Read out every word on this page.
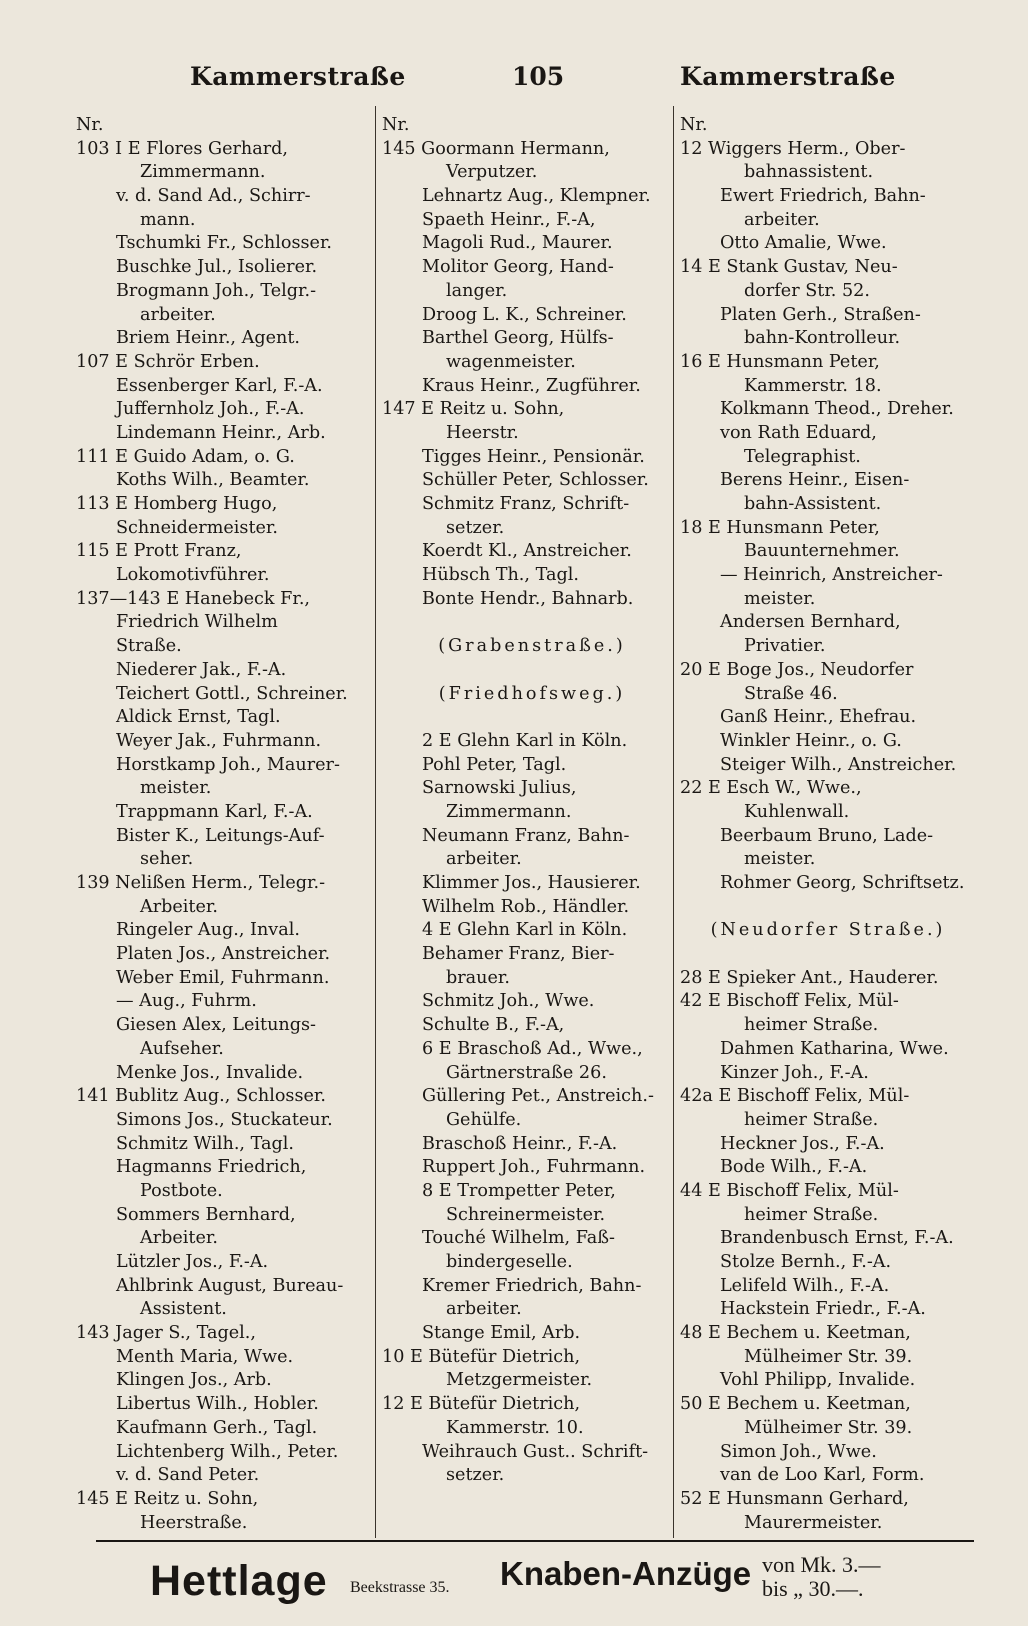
Kammerstraße	105	Kammerstraße
Nr.
103 I E Flores Gerhard,
Zimmermann.
v. d. Sand Ad., Schirr-
mann.
Tschumki Fr., Schlosser.
Buschke Jul., Isolierer.
Brogmann Joh., Telgr.-
arbeiter.
Briem Heinr., Agent.
107 E Schrör Erben.
Essenberger Karl, F.-A.
Juffernholz Joh., F.-A.
Lindemann Heinr., Arb.
111 E Guido Adam, o. G.
Koths Wilh., Beamter.
113 E Homberg Hugo,
Schneidermeister.
115 E Prott Franz,
Lokomotivführer.
137—143 E Hanebeck Fr.,
Friedrich Wilhelm
Straße.
Niederer Jak., F.-A.
Teichert Gottl., Schreiner.
Aldick Ernst, Tagl.
Weyer Jak., Fuhrmann.
Horstkamp Joh., Maurer-
meister.
Trappmann Karl, F.-A.
Bister K., Leitungs-Auf-
seher.
139 Nelißen Herm., Telegr.-
Arbeiter.
Ringeler Aug., Inval.
Platen Jos., Anstreicher.
Weber Emil, Fuhrmann.
— Aug., Fuhrm.
Giesen Alex, Leitungs-
Aufseher.
Menke Jos., Invalide.
141 Bublitz Aug., Schlosser.
Simons Jos., Stuckateur.
Schmitz Wilh., Tagl.
Hagmanns Friedrich,
Postbote.
Sommers Bernhard,
Arbeiter.
Lützler Jos., F.-A.
Ahlbrink August, Bureau-
Assistent.
143 Jager S., Tagel.,
Menth Maria, Wwe.
Klingen Jos., Arb.
Libertus Wilh., Hobler.
Kaufmann Gerh., Tagl.
Lichtenberg Wilh., Peter.
v. d. Sand Peter.
145 E Reitz u. Sohn,
Heerstraße.
Nr.
145 Goormann Hermann,
Verputzer.
Lehnartz Aug., Klempner.
Spaeth Heinr., F.-A,
Magoli Rud., Maurer.
Molitor Georg, Hand-
langer.
Droog L. K., Schreiner.
Barthel Georg, Hülfs-
wagenmeister.
Kraus Heinr., Zugführer.
147 E Reitz u. Sohn,
Heerstr.
Tigges Heinr., Pensionär.
Schüller Peter, Schlosser.
Schmitz Franz, Schrift-
setzer.
Koerdt Kl., Anstreicher.
Hübsch Th., Tagl.
Bonte Hendr., Bahnarb.
(Grabenstraße.)
(Friedhofsweg.)
2 E Glehn Karl in Köln.
Pohl Peter, Tagl.
Sarnowski Julius,
Zimmermann.
Neumann Franz, Bahn-
arbeiter.
Klimmer Jos., Hausierer.
Wilhelm Rob., Händler.
4 E Glehn Karl in Köln.
Behamer Franz, Bier-
brauer.
Schmitz Joh., Wwe.
Schulte B., F.-A,
6 E Braschoß Ad., Wwe.,
Gärtnerstraße 26.
Güllering Pet., Anstreich.-
Gehülfe.
Braschoß Heinr., F.-A.
Ruppert Joh., Fuhrmann.
8 E Trompetter Peter,
Schreinermeister.
Touché Wilhelm, Faß-
bindergeselle.
Kremer Friedrich, Bahn-
arbeiter.
Stange Emil, Arb.
10 E Bütefür Dietrich,
Metzgermeister.
12 E Bütefür Dietrich,
Kammerstr. 10.
Weihrauch Gust.. Schrift-
setzer.
Nr.
12 Wiggers Herm., Ober-
bahnassistent.
Ewert Friedrich, Bahn-
arbeiter.
Otto Amalie, Wwe.
14 E Stank Gustav, Neu-
dorfer Str. 52.
Platen Gerh., Straßen-
bahn-Kontrolleur.
16 E Hunsmann Peter,
Kammerstr. 18.
Kolkmann Theod., Dreher.
von Rath Eduard,
Telegraphist.
Berens Heinr., Eisen-
bahn-Assistent.
18 E Hunsmann Peter,
Bauunternehmer.
— Heinrich, Anstreicher-
meister.
Andersen Bernhard,
Privatier.
20 E Boge Jos., Neudorfer
Straße 46.
Ganß Heinr., Ehefrau.
Winkler Heinr., o. G.
Steiger Wilh., Anstreicher.
22 E Esch W., Wwe.,
Kuhlenwall.
Beerbaum Bruno, Lade-
meister.
Rohmer Georg, Schriftsetz.
(Neudorfer Straße.)
28 E Spieker Ant., Hauderer.
42 E Bischoff Felix, Mül-
heimer Straße.
Dahmen Katharina, Wwe.
Kinzer Joh., F.-A.
42a E Bischoff Felix, Mül-
heimer Straße.
Heckner Jos., F.-A.
Bode Wilh., F.-A.
44 E Bischoff Felix, Mül-
heimer Straße.
Brandenbusch Ernst, F.-A.
Stolze Bernh., F.-A.
Lelifeld Wilh., F.-A.
Hackstein Friedr., F.-A.
48 E Bechem u. Keetman,
Mülheimer Str. 39.
Vohl Philipp, Invalide.
50 E Bechem u. Keetman,
Mülheimer Str. 39.
Simon Joh., Wwe.
van de Loo Karl, Form.
52 E Hunsmann Gerhard,
Maurermeister.
Hettlage Beekstrasse 35. Knaben-Anzüge von Mk. 3.—
bis „ 30.—.
